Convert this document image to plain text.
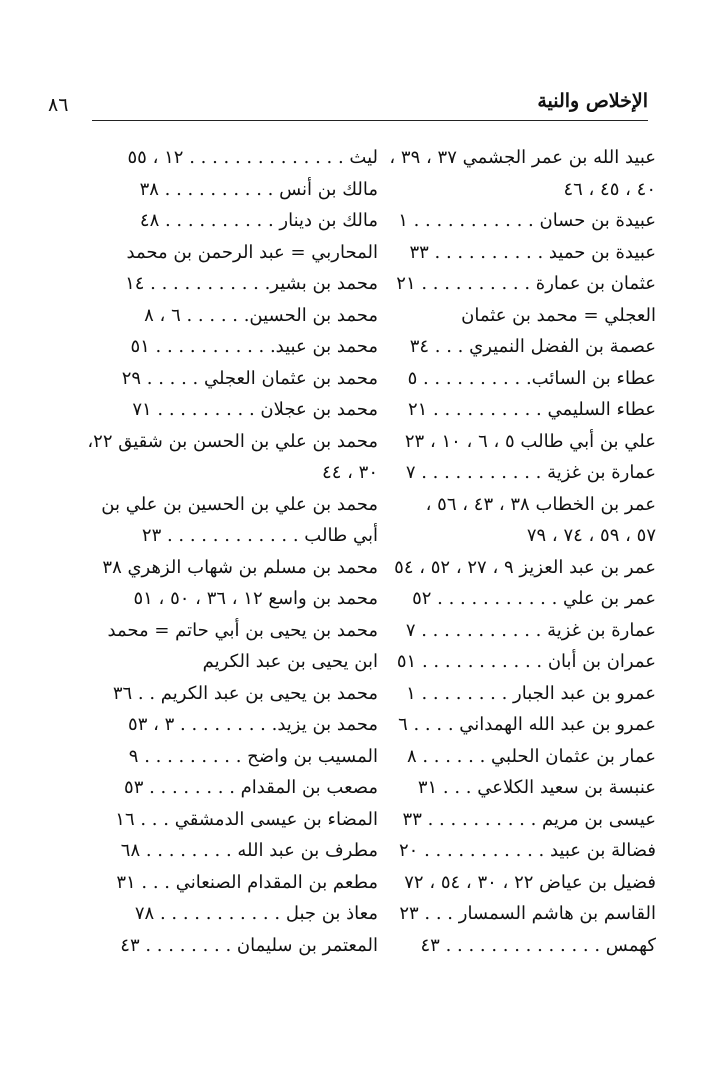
٨٦	الإخلاص والنية
عبيد الله بن عمر الجشمي ٣٧ ، ٣٩ ،
٤٠ ، ٤٥ ، ٤٦
عبيدة بن حسان . . . . . . . . . . . ١
عبيدة بن حميد . . . . . . . . . . ٣٣
عثمان بن عمارة . . . . . . . . . . ٢١
العجلي = محمد بن عثمان
عصمة بن الفضل النميري . . . ٣٤
عطاء بن السائب. . . . . . . . . . ٥
عطاء السليمي . . . . . . . . . . ٢١
علي بن أبي طالب ٥ ، ٦ ، ١٠ ، ٢٣
عمارة بن غزية . . . . . . . . . . . ٧
عمر بن الخطاب ٣٨ ، ٤٣ ، ٥٦ ،
٥٧ ، ٥٩ ، ٧٤ ، ٧٩
عمر بن عبد العزيز ٩ ، ٢٧ ، ٥٢ ، ٥٤
عمر بن علي . . . . . . . . . . . ٥٢
عمارة بن غزية . . . . . . . . . . . ٧
عمران بن أبان . . . . . . . . . . . ٥١
عمرو بن عبد الجبار . . . . . . . . ١
عمرو بن عبد الله الهمداني . . . . ٦
عمار بن عثمان الحلبي . . . . . . ٨
عنبسة بن سعيد الكلاعي . . . ٣١
عيسى بن مريم . . . . . . . . . . ٣٣
فضالة بن عبيد . . . . . . . . . . . ٢٠
فضيل بن عياض ٢٢ ، ٣٠ ، ٥٤ ، ٧٢
القاسم بن هاشم السمسار . . . ٢٣
كهمس . . . . . . . . . . . . . . ٤٣
ليث . . . . . . . . . . . . . . ١٢ ، ٥٥
مالك بن أنس . . . . . . . . . . ٣٨
مالك بن دينار . . . . . . . . . . ٤٨
المحاربي = عبد الرحمن بن محمد
محمد بن بشير. . . . . . . . . . . ١٤
محمد بن الحسين. . . . . . ٦ ، ٨
محمد بن عبيد. . . . . . . . . . . ٥١
محمد بن عثمان العجلي . . . . . ٢٩
محمد بن عجلان . . . . . . . . . ٧١
محمد بن علي بن الحسن بن شقيق ٢٢،
٣٠ ، ٤٤
محمد بن علي بن الحسين بن علي بن
أبي طالب . . . . . . . . . . . . ٢٣
محمد بن مسلم بن شهاب الزهري ٣٨
محمد بن واسع ١٢ ، ٣٦ ، ٥٠ ، ٥١
محمد بن يحيى بن أبي حاتم = محمد
ابن يحيى بن عبد الكريم
محمد بن يحيى بن عبد الكريم . . ٣٦
محمد بن يزيد. . . . . . . . . ٣ ، ٥٣
المسيب بن واضح . . . . . . . . . ٩
مصعب بن المقدام . . . . . . . . ٥٣
المضاء بن عيسى الدمشقي . . . ١٦
مطرف بن عبد الله . . . . . . . . ٦٨
مطعم بن المقدام الصنعاني . . . ٣١
معاذ بن جبل . . . . . . . . . . . ٧٨
المعتمر بن سليمان . . . . . . . . ٤٣
